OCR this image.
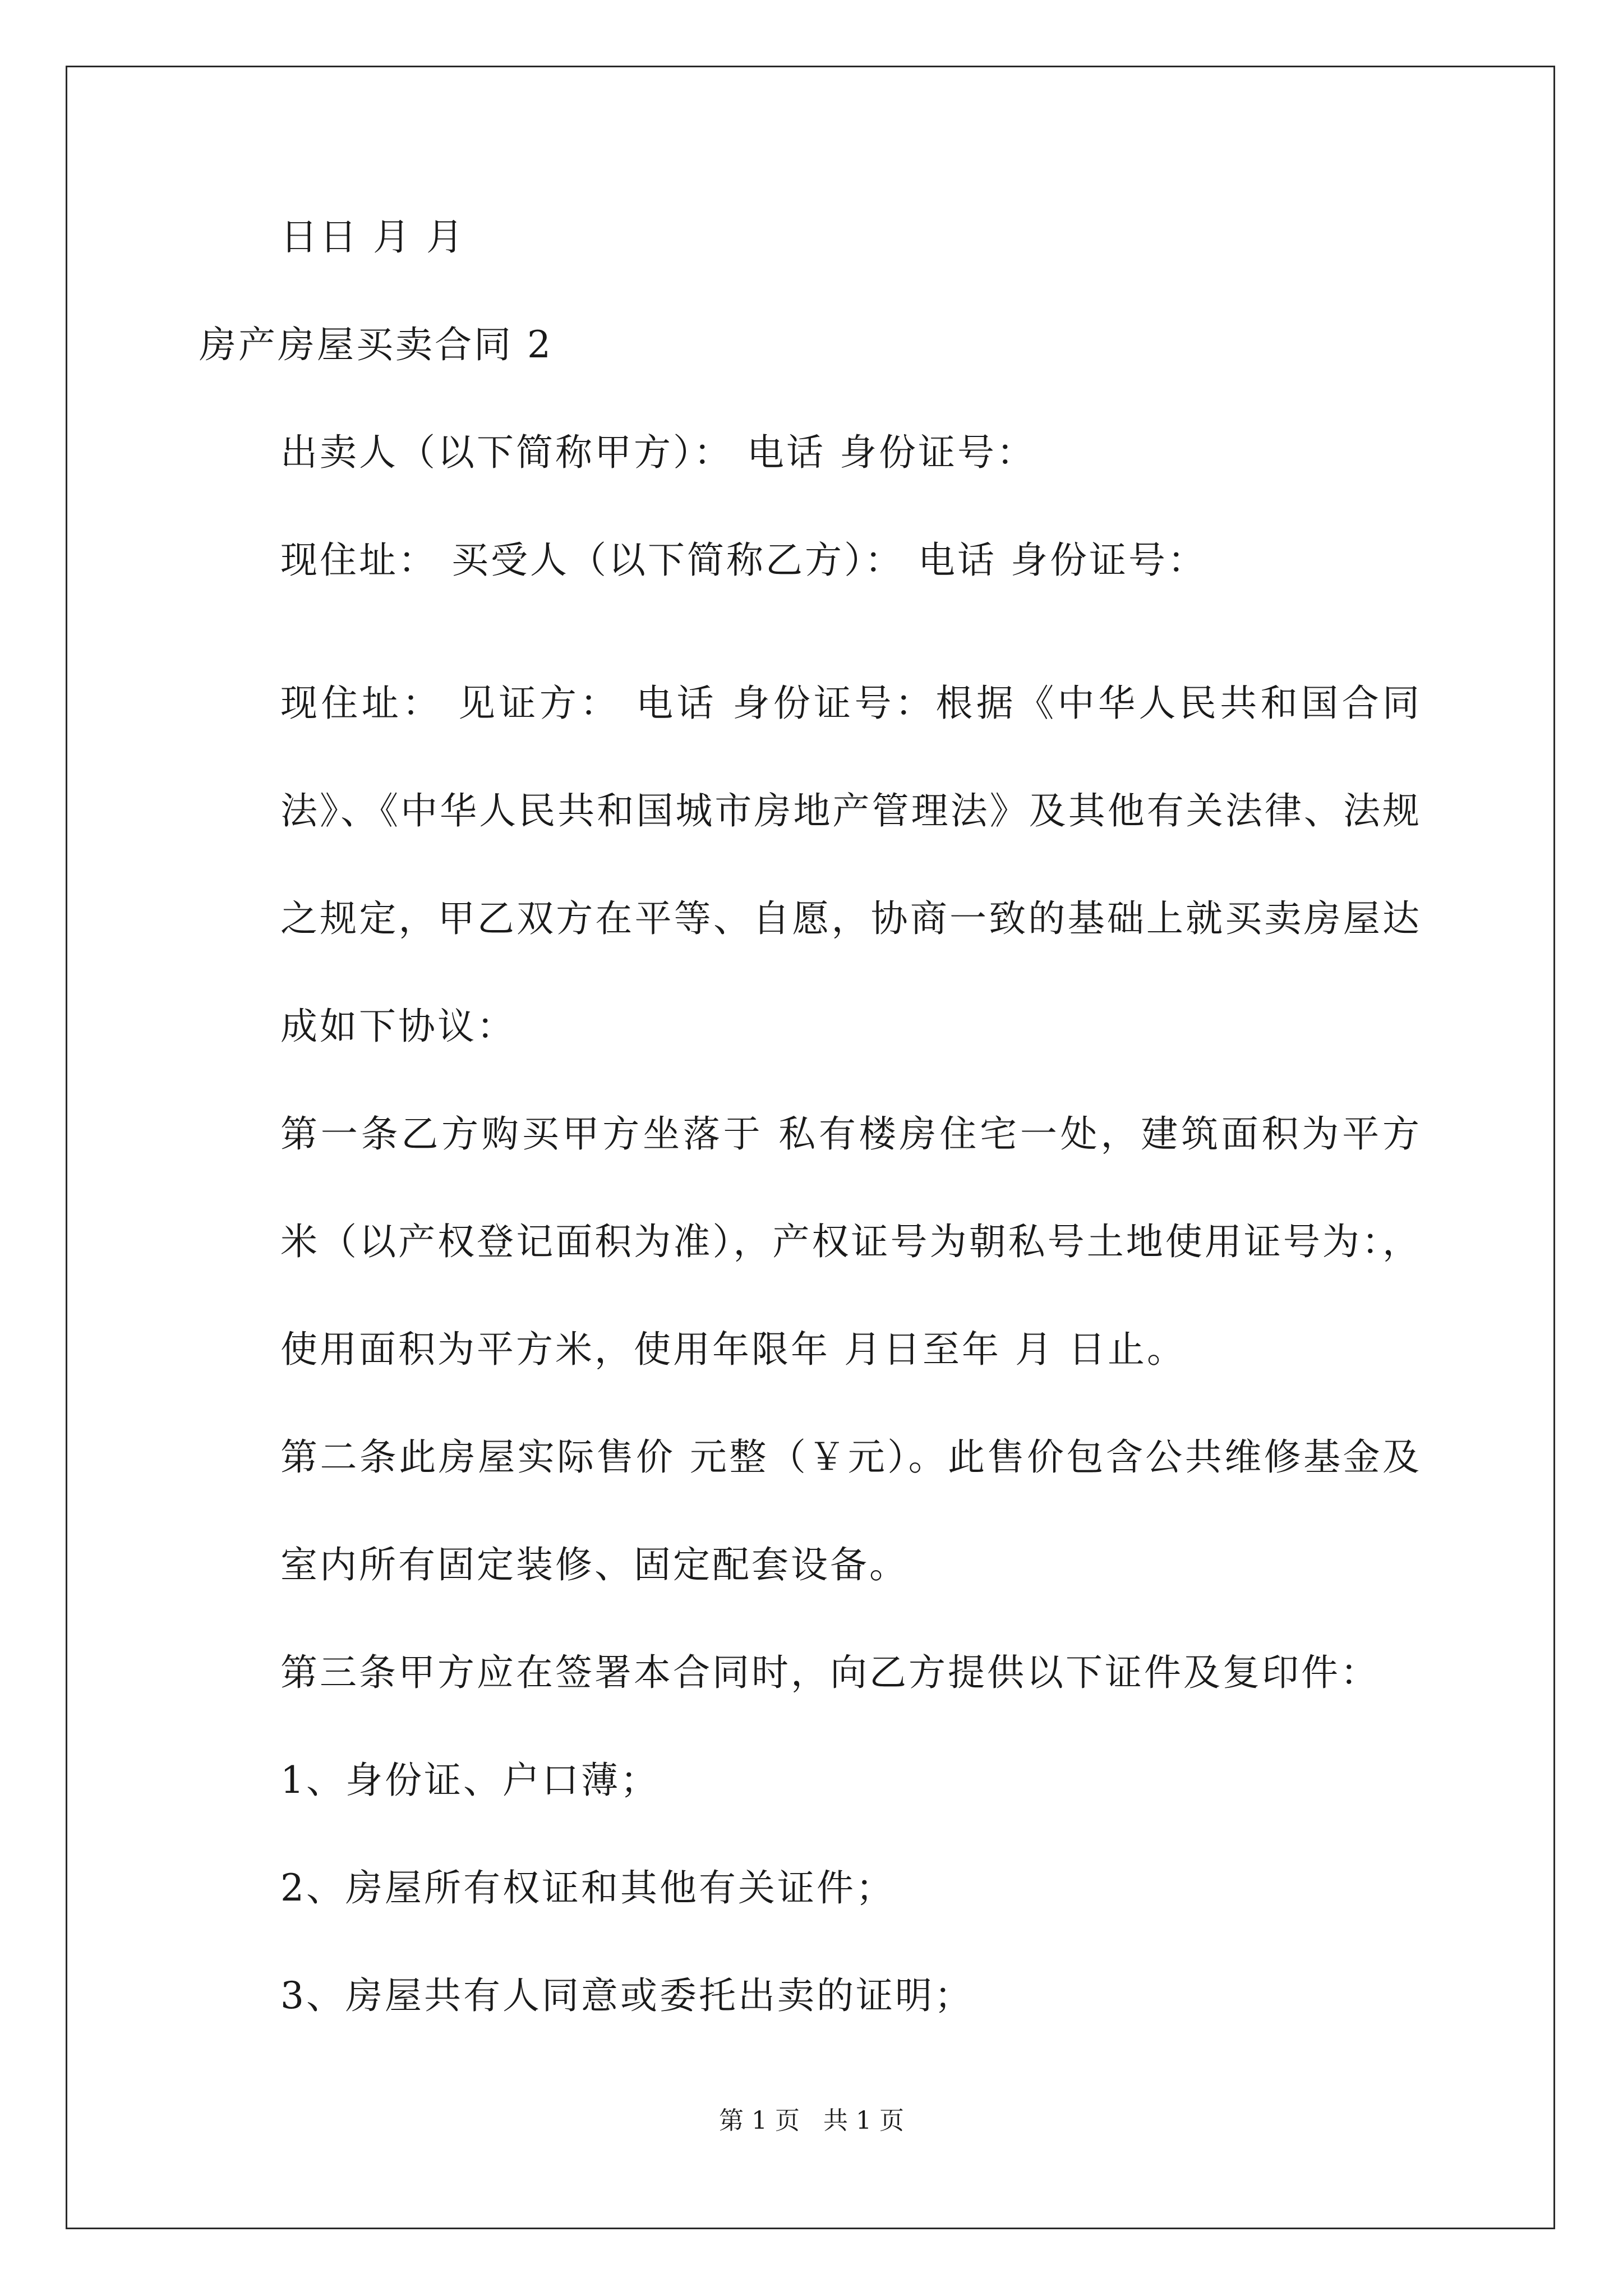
日日 月 月
房产房屋买卖合同 2
出卖人（以下简称甲方）： 电话 身份证号：
现住址： 买受人（以下简称乙方）： 电话 身份证号：
现住址： 见证方： 电话 身份证号：根据《中华人民共和国合同法》、《中华人民共和国城市房地产管理法》及其他有关法律、法规之规定，甲乙双方在平等、自愿，协商一致的基础上就买卖房屋达成如下协议：
第一条乙方购买甲方坐落于 私有楼房住宅一处，建筑面积为平方米（以产权登记面积为准），产权证号为朝私号土地使用证号为：，使用面积为平方米，使用年限年 月日至年 月 日止。
第二条此房屋实际售价 元整（￥元）。此售价包含公共维修基金及室内所有固定装修、固定配套设备。
第三条甲方应在签署本合同时，向乙方提供以下证件及复印件：
1、身份证、户口薄；
2、房屋所有权证和其他有关证件；
3、房屋共有人同意或委托出卖的证明；
第 1 页 共 1 页
